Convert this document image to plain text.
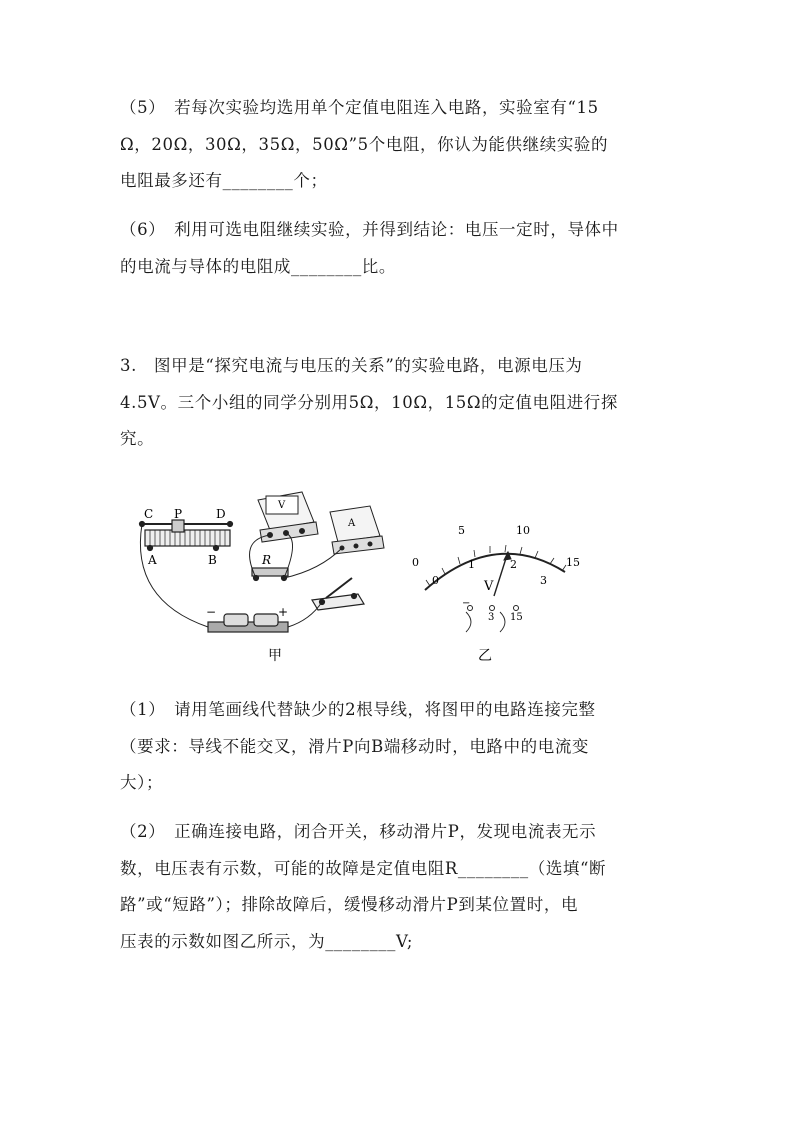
（5）　若每次实验均选用单个定值电阻连入电路，实验室有“15
Ω，20Ω，30Ω，35Ω，50Ω”5个电阻，你认为能供继续实验的
电阻最多还有________个；

（6）　利用可选电阻继续实验，并得到结论：电压一定时，导体中
的电流与导体的电阻成________比。

3.　图甲是“探究电流与电压的关系”的实验电路，电源电压为
4.5V。三个小组的同学分别用5Ω，10Ω，15Ω的定值电阻进行探
究。

C P	D
A	B
V
A
R
−	+
甲
0
5	10
15
0
1	2
3
V
−
3 15
乙

（1）　请用笔画线代替缺少的2根导线，将图甲的电路连接完整
（要求：导线不能交叉，滑片P向B端移动时，电路中的电流变
大）；

（2）　正确连接电路，闭合开关，移动滑片P，发现电流表无示
数，电压表有示数，可能的故障是定值电阻R________（选填“断
路”或“短路”）；排除故障后，缓慢移动滑片P到某位置时，电
压表的示数如图乙所示，为________V;
